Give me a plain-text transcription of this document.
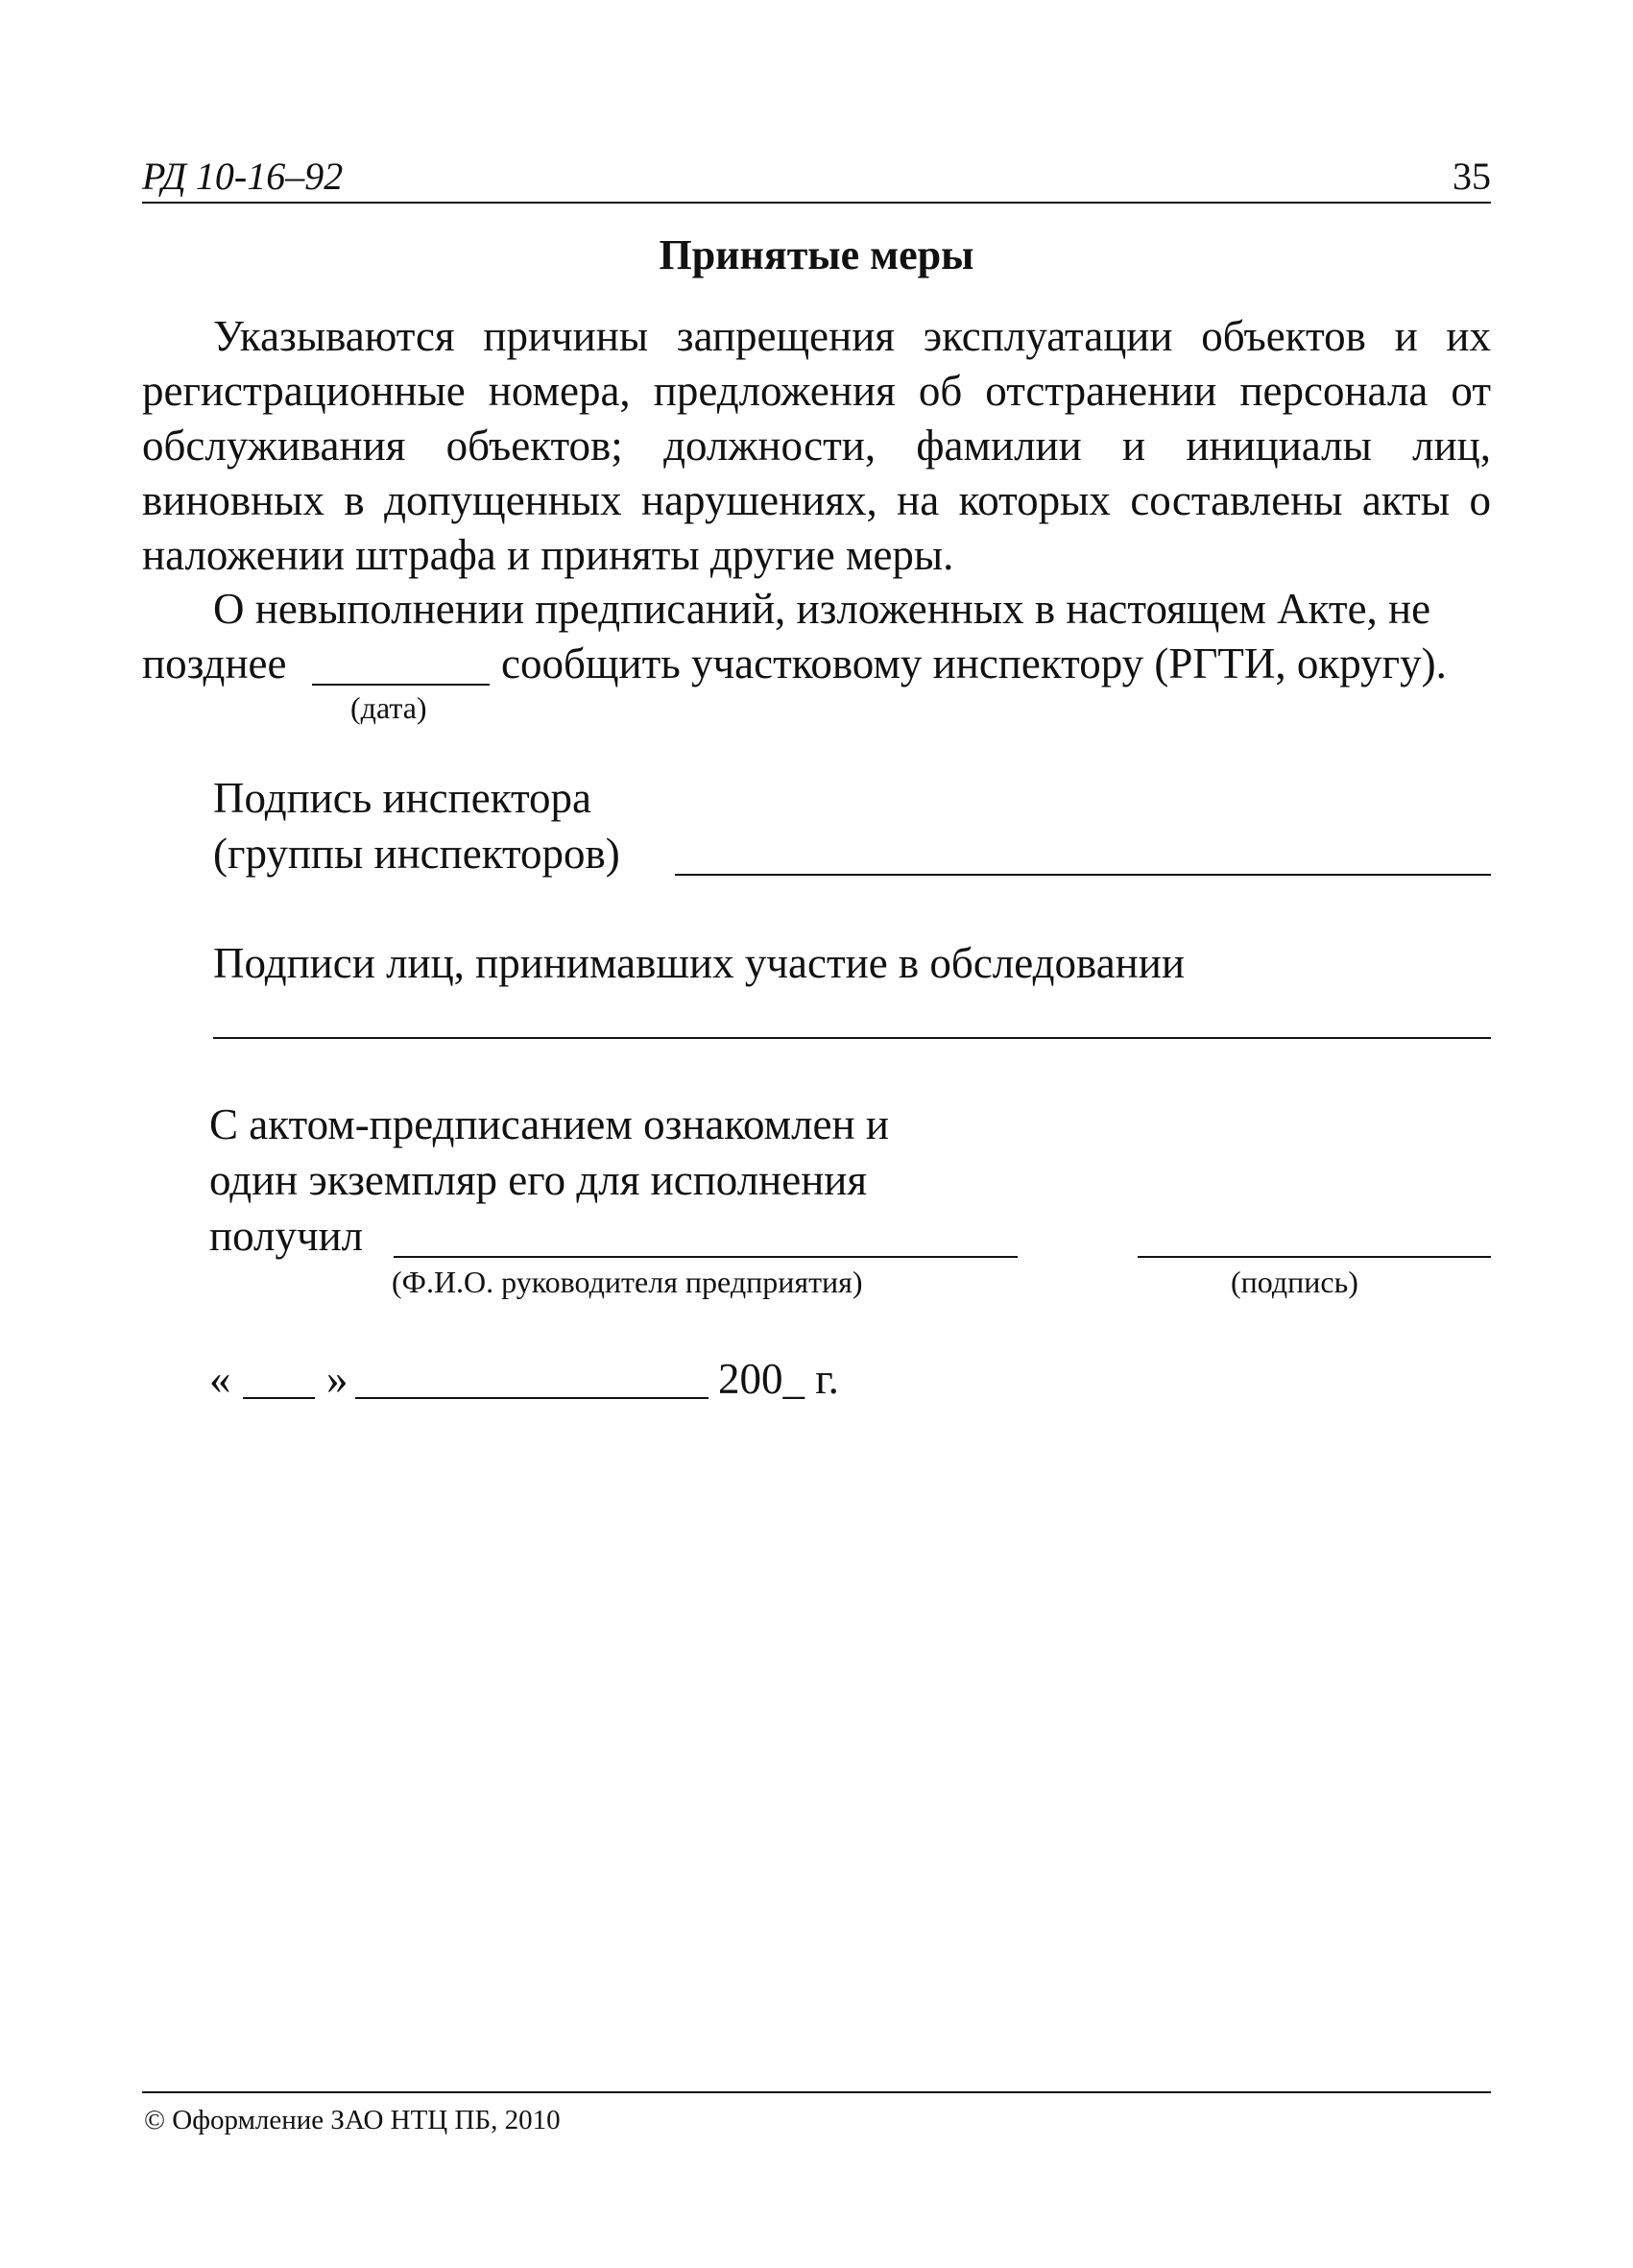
РД 10-16–92	35
Принятые меры
Указываются причины запрещения эксплуатации объектов и их регистрационные номера, предложения об отстранении персонала от обслуживания объектов; должности, фамилии и инициалы лиц, виновных в допущенных нарушениях, на которых составлены акты о наложении штрафа и приняты другие меры.
О невыполнении предписаний, изложенных в настоящем Акте, не
позднее	сообщить участковому инспектору (РГТИ, округу).
(дата)
Подпись инспектора
(группы инспекторов)
Подписи лиц, принимавших участие в обследовании
С актом-предписанием ознакомлен и
один экземпляр его для исполнения
получил
(Ф.И.О. руководителя предприятия)	(подпись)
« »	200_ г.
© Оформление ЗАО НТЦ ПБ, 2010
